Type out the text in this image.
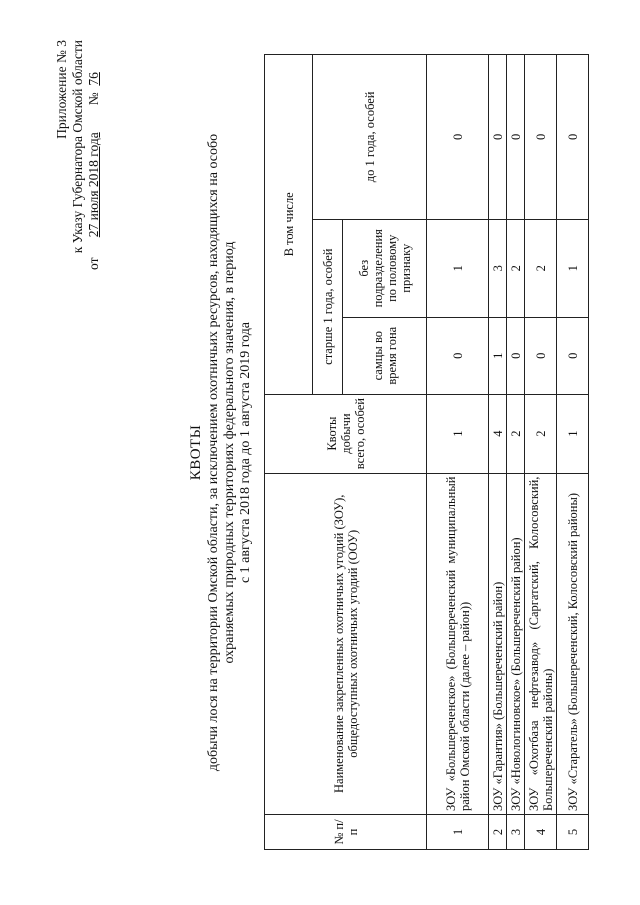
Приложение № 3 к Указу Губернатора Омской области
от      27 июля 2018 года        №  76
КВОТЫ добычи лося на территории Омской области, за исключением охотничьих ресурсов, находящихся на особо охраняемых природных территориях федерального значения, в период с 1 августа 2018 года до 1 августа 2019 года
№ п/п	Наименование закрепленных охотничьих угодий (ЗОУ), общедоступных охотничьих угодий (ООУ)	Квоты добычи всего, особей	В том числе		
			старше 1 года, особей		до 1 года, особей
			самцы во время гона	без подразделения по половому признаку	
1	ЗОУ «Большереченское» (Большереченский муниципальный район Омской области (далее – район))	1	0	1	0
2	ЗОУ «Гарантия» (Большереченский район)	4	1	3	0
3	ЗОУ «Новологиновское» (Большереченский район)	2	0	2	0
4	ЗОУ «Охотбаза нефтезавод» (Саргатский, Колосовский, Большереченский районы)	2	0	2	0
5	ЗОУ «Старатель» (Большереченский, Колосовский районы)	1	0	1	0
